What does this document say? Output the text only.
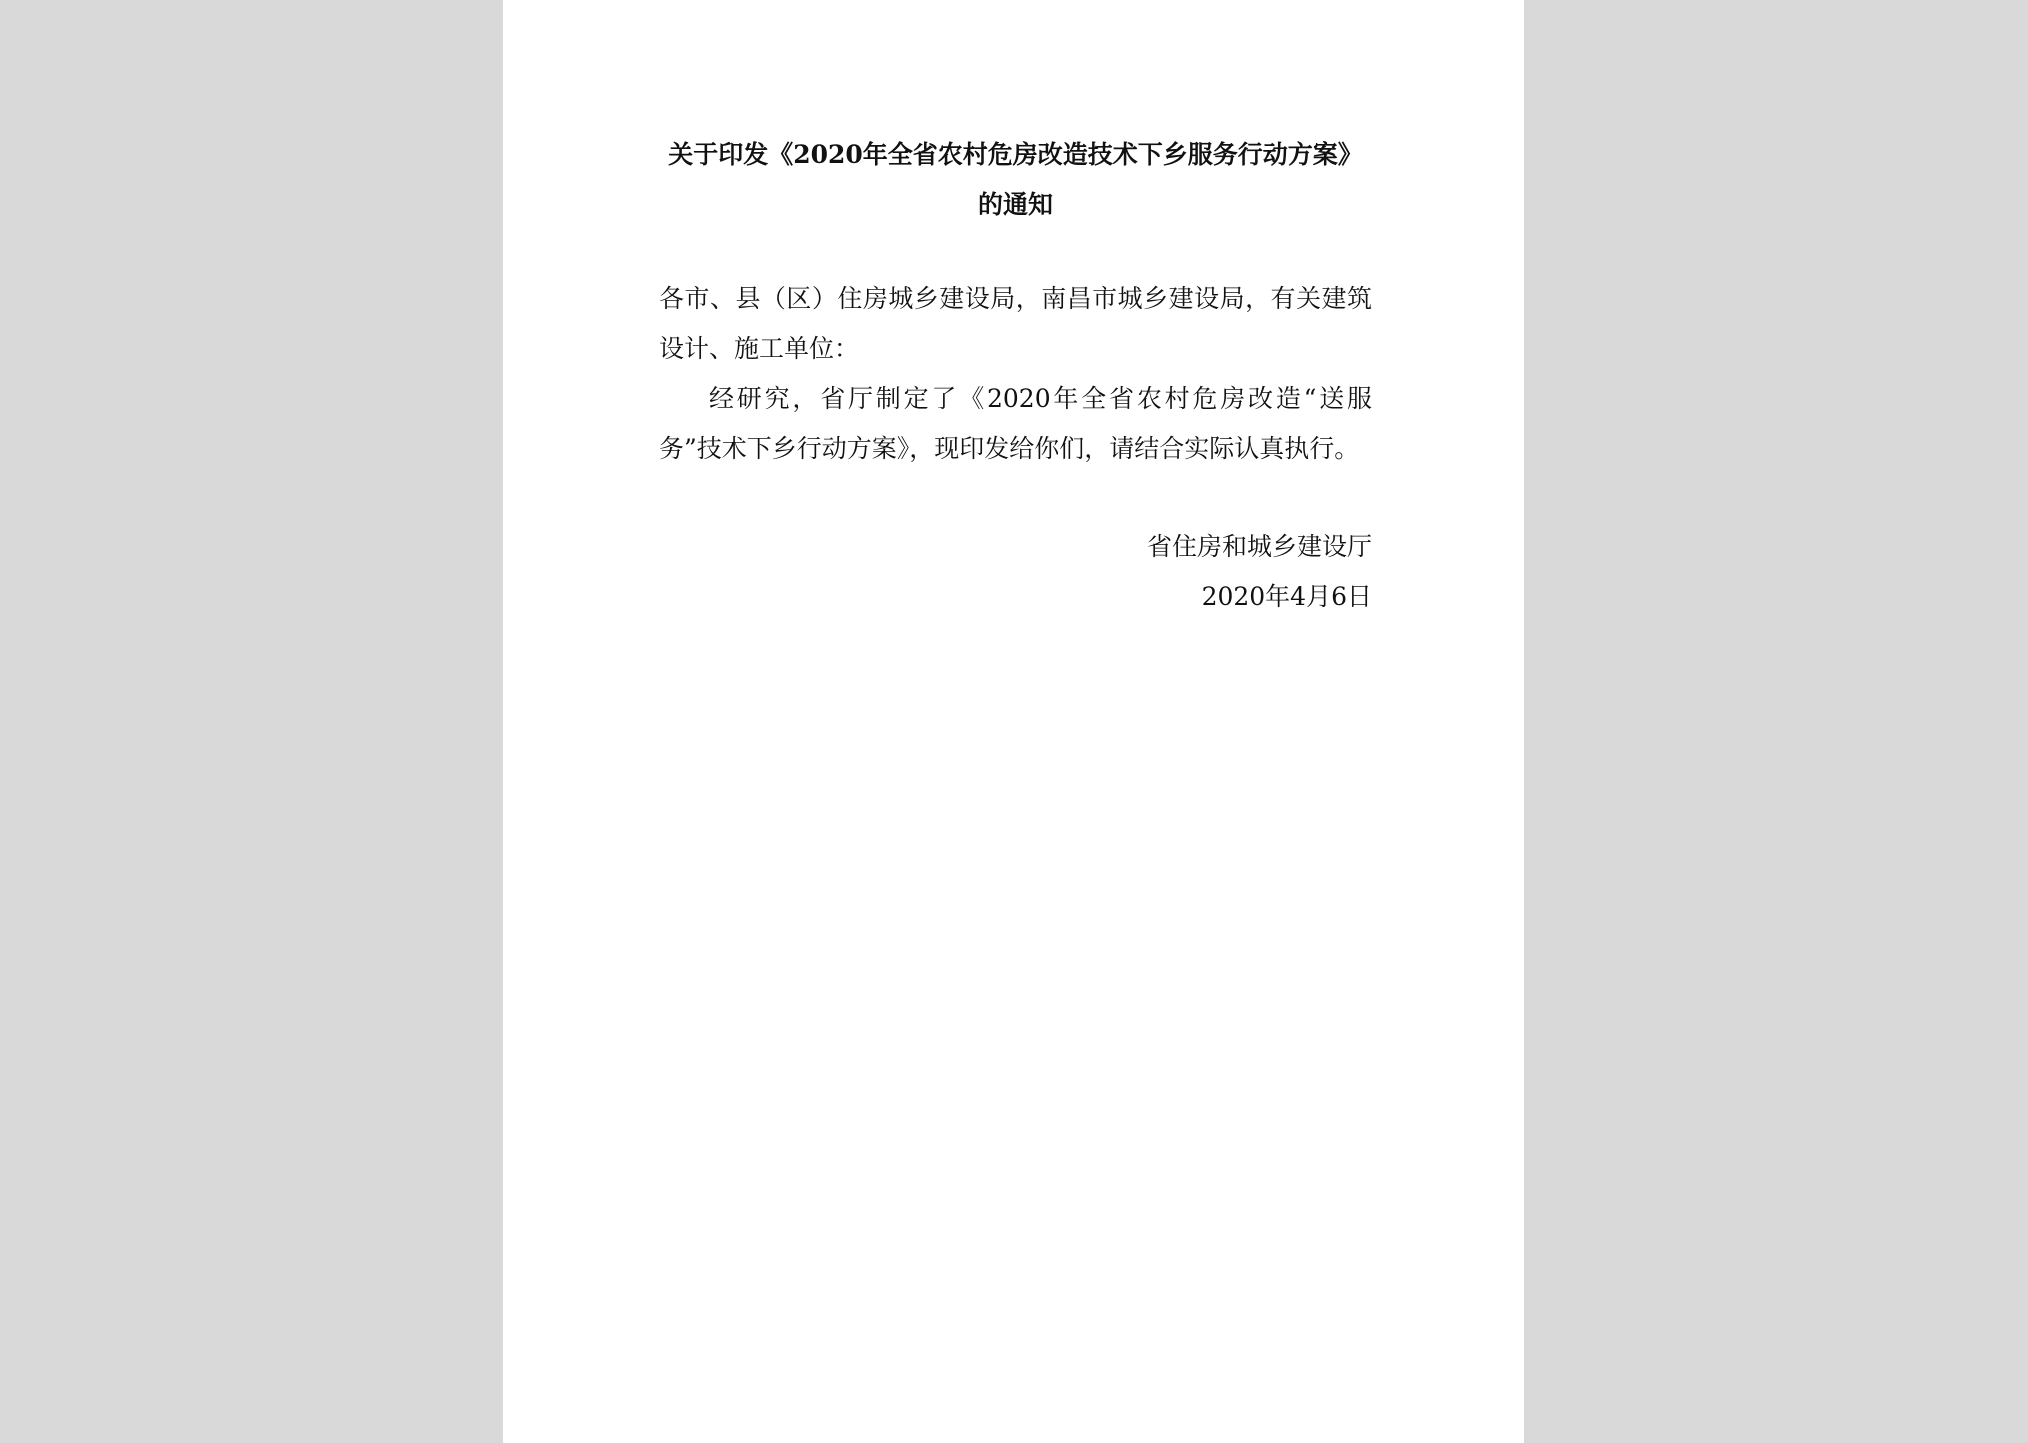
关于印发《2020年全省农村危房改造技术下乡服务行动方案》
的通知
各市、县（区）住房城乡建设局，南昌市城乡建设局，有关建筑设计、施工单位：
经研究，省厅制定了《2020年全省农村危房改造“送服务”技术下乡行动方案》，现印发给你们，请结合实际认真执行。
省住房和城乡建设厅
2020年4月6日
